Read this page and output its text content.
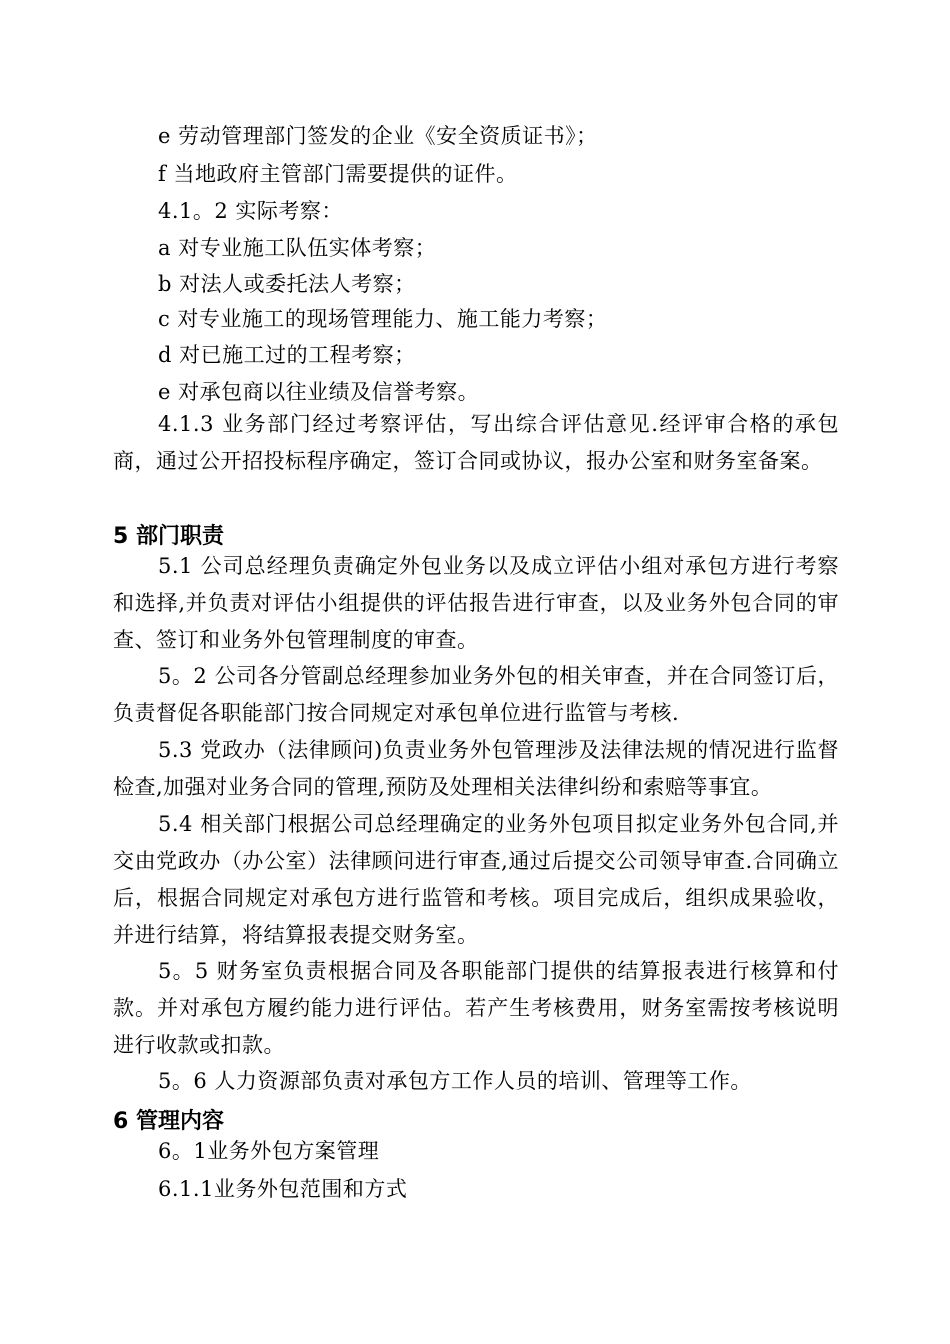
e 劳动管理部门签发的企业《安全资质证书》；
f 当地政府主管部门需要提供的证件。
4.1。2 实际考察：
a 对专业施工队伍实体考察；
b 对法人或委托法人考察；
c 对专业施工的现场管理能力、施工能力考察；
d 对已施工过的工程考察；
e 对承包商以往业绩及信誉考察。
4.1.3 业务部门经过考察评估，写出综合评估意见.经评审合格的承包商，通过公开招投标程序确定，签订合同或协议，报办公室和财务室备案。
5 部门职责
5.1 公司总经理负责确定外包业务以及成立评估小组对承包方进行考察和选择,并负责对评估小组提供的评估报告进行审查，以及业务外包合同的审查、签订和业务外包管理制度的审查。
5。2 公司各分管副总经理参加业务外包的相关审查，并在合同签订后，负责督促各职能部门按合同规定对承包单位进行监管与考核.
5.3 党政办（法律顾问)负责业务外包管理涉及法律法规的情况进行监督检查,加强对业务合同的管理,预防及处理相关法律纠纷和索赔等事宜。
5.4 相关部门根据公司总经理确定的业务外包项目拟定业务外包合同,并交由党政办（办公室）法律顾问进行审查,通过后提交公司领导审查.合同确立后，根据合同规定对承包方进行监管和考核。项目完成后，组织成果验收，并进行结算，将结算报表提交财务室。
5。5 财务室负责根据合同及各职能部门提供的结算报表进行核算和付款。并对承包方履约能力进行评估。若产生考核费用，财务室需按考核说明进行收款或扣款。
5。6 人力资源部负责对承包方工作人员的培训、管理等工作。
6 管理内容
6。1业务外包方案管理
6.1.1业务外包范围和方式
